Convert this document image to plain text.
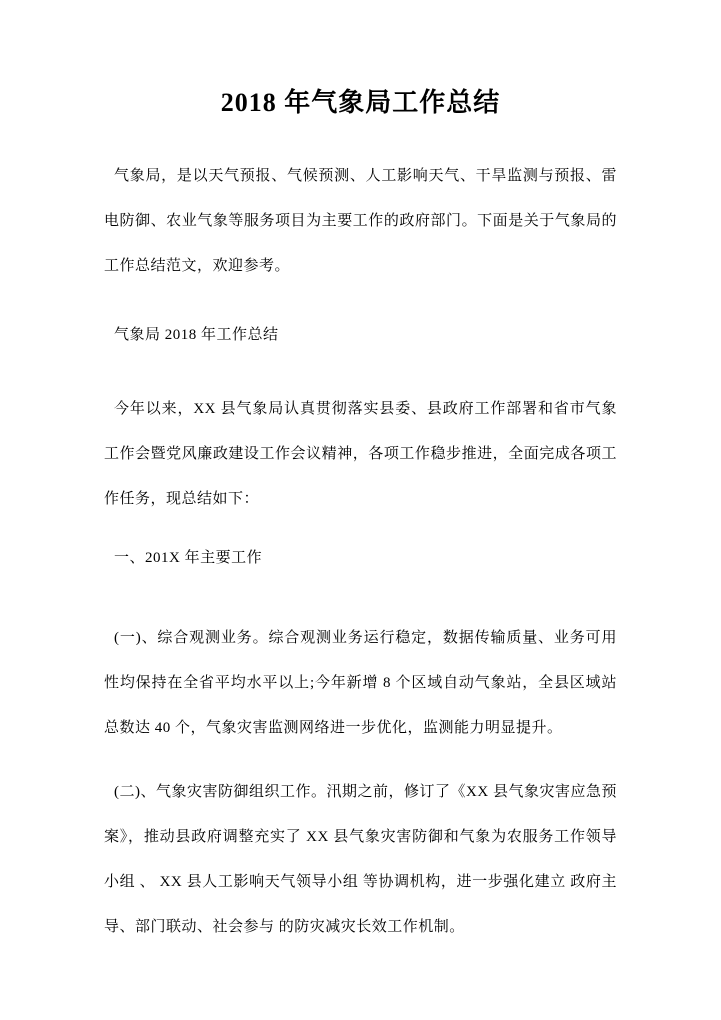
2018 年气象局工作总结

气象局，是以天气预报、气候预测、人工影响天气、干旱监测与预报、雷电防御、农业气象等服务项目为主要工作的政府部门。下面是关于气象局的工作总结范文，欢迎参考。

气象局 2018 年工作总结

今年以来，XX 县气象局认真贯彻落实县委、县政府工作部署和省市气象工作会暨党风廉政建设工作会议精神，各项工作稳步推进，全面完成各项工作任务，现总结如下：

一、201X 年主要工作

(一)、综合观测业务。综合观测业务运行稳定，数据传输质量、业务可用性均保持在全省平均水平以上;今年新增 8 个区域自动气象站，全县区域站总数达 40 个，气象灾害监测网络进一步优化，监测能力明显提升。

(二)、气象灾害防御组织工作。汛期之前，修订了《XX 县气象灾害应急预案》，推动县政府调整充实了 XX 县气象灾害防御和气象为农服务工作领导小组 、 XX 县人工影响天气领导小组 等协调机构，进一步强化建立 政府主导、部门联动、社会参与 的防灾减灾长效工作机制。
